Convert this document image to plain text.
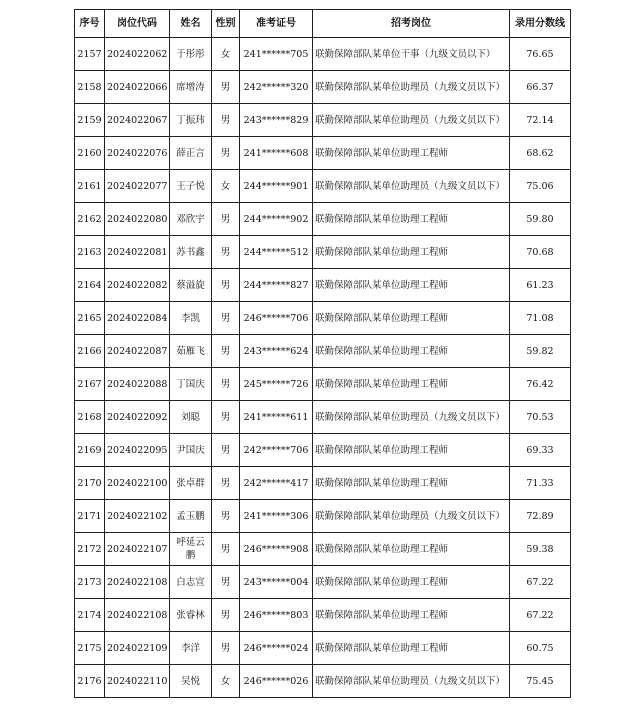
序号	岗位代码	姓名	性别	准考证号	招考岗位	录用分数线
2157	2024022062	于彤彤	女	241******705	联勤保障部队某单位干事（九级文员以下）	76.65
2158	2024022066	席增涛	男	242******320	联勤保障部队某单位助理员（九级文员以下）	66.37
2159	2024022067	丁振玮	男	243******829	联勤保障部队某单位助理员（九级文员以下）	72.14
2160	2024022076	薛正言	男	241******608	联勤保障部队某单位助理工程师	68.62
2161	2024022077	王子悦	女	244******901	联勤保障部队某单位助理员（九级文员以下）	75.06
2162	2024022080	邓欣宇	男	244******902	联勤保障部队某单位助理工程师	59.80
2163	2024022081	苏书鑫	男	244******512	联勤保障部队某单位助理工程师	70.68
2164	2024022082	蔡溢旋	男	244******827	联勤保障部队某单位助理工程师	61.23
2165	2024022084	李凯	男	246******706	联勤保障部队某单位助理工程师	71.08
2166	2024022087	茹雁飞	男	243******624	联勤保障部队某单位助理工程师	59.82
2167	2024022088	丁国庆	男	245******726	联勤保障部队某单位助理工程师	76.42
2168	2024022092	刘聪	男	241******611	联勤保障部队某单位助理员（九级文员以下）	70.53
2169	2024022095	尹国庆	男	242******706	联勤保障部队某单位助理工程师	69.33
2170	2024022100	张卓群	男	242******417	联勤保障部队某单位助理工程师	71.33
2171	2024022102	孟玉鹏	男	241******306	联勤保障部队某单位助理员（九级文员以下）	72.89
2172	2024022107	呼延云鹏	男	246******908	联勤保障部队某单位助理工程师	59.38
2173	2024022108	白志宣	男	243******004	联勤保障部队某单位助理工程师	67.22
2174	2024022108	张睿林	男	246******803	联勤保障部队某单位助理工程师	67.22
2175	2024022109	李洋	男	246******024	联勤保障部队某单位助理工程师	60.75
2176	2024022110	吴悦	女	246******026	联勤保障部队某单位助理员（九级文员以下）	75.45
